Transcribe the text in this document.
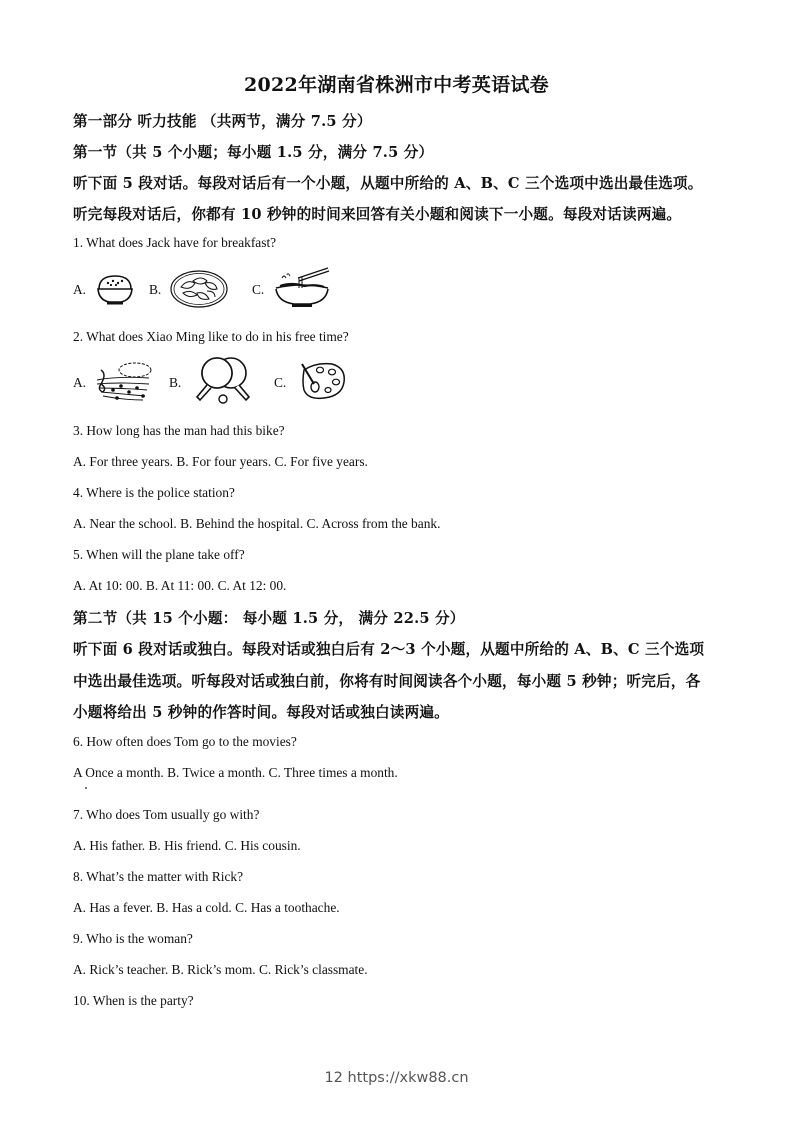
2022年湖南省株洲市中考英语试卷
第一部分 听力技能 （共两节，满分 7.5 分）
第一节（共 5 个小题；每小题 1.5 分，满分 7.5 分）
听下面 5 段对话。每段对话后有一个小题，从题中所给的 A、B、C 三个选项中选出最佳选项。
听完每段对话后，你都有 10 秒钟的时间来回答有关小题和阅读下一小题。每段对话读两遍。
1. What does Jack have for breakfast?
A.	B.	C.
2. What does Xiao Ming like to do in his free time?
A.	B.	C.
3. How long has the man had this bike?
A. For three years. B. For four years. C. For five years.
4. Where is the police station?
A. Near the school. B. Behind the hospital. C. Across from the bank.
5. When will the plane take off?
A. At 10: 00. B. At 11: 00. C. At 12: 00.
第二节（共 15 个小题： 每小题 1.5 分， 满分 22.5 分）
听下面 6 段对话或独白。每段对话或独白后有 2～3 个小题，从题中所给的 A、B、C 三个选项
中选出最佳选项。听每段对话或独白前，你将有时间阅读各个小题，每小题 5 秒钟；听完后，各
小题将给出 5 秒钟的作答时间。每段对话或独白读两遍。
6. How often does Tom go to the movies?
A Once a month. B. Twice a month. C. Three times a month.
7. Who does Tom usually go with?
A. His father. B. His friend. C. His cousin.
8. What’s the matter with Rick?
A. Has a fever. B. Has a cold. C. Has a toothache.
9. Who is the woman?
A. Rick’s teacher. B. Rick’s mom. C. Rick’s classmate.
10. When is the party?
12 https://xkw88.cn
